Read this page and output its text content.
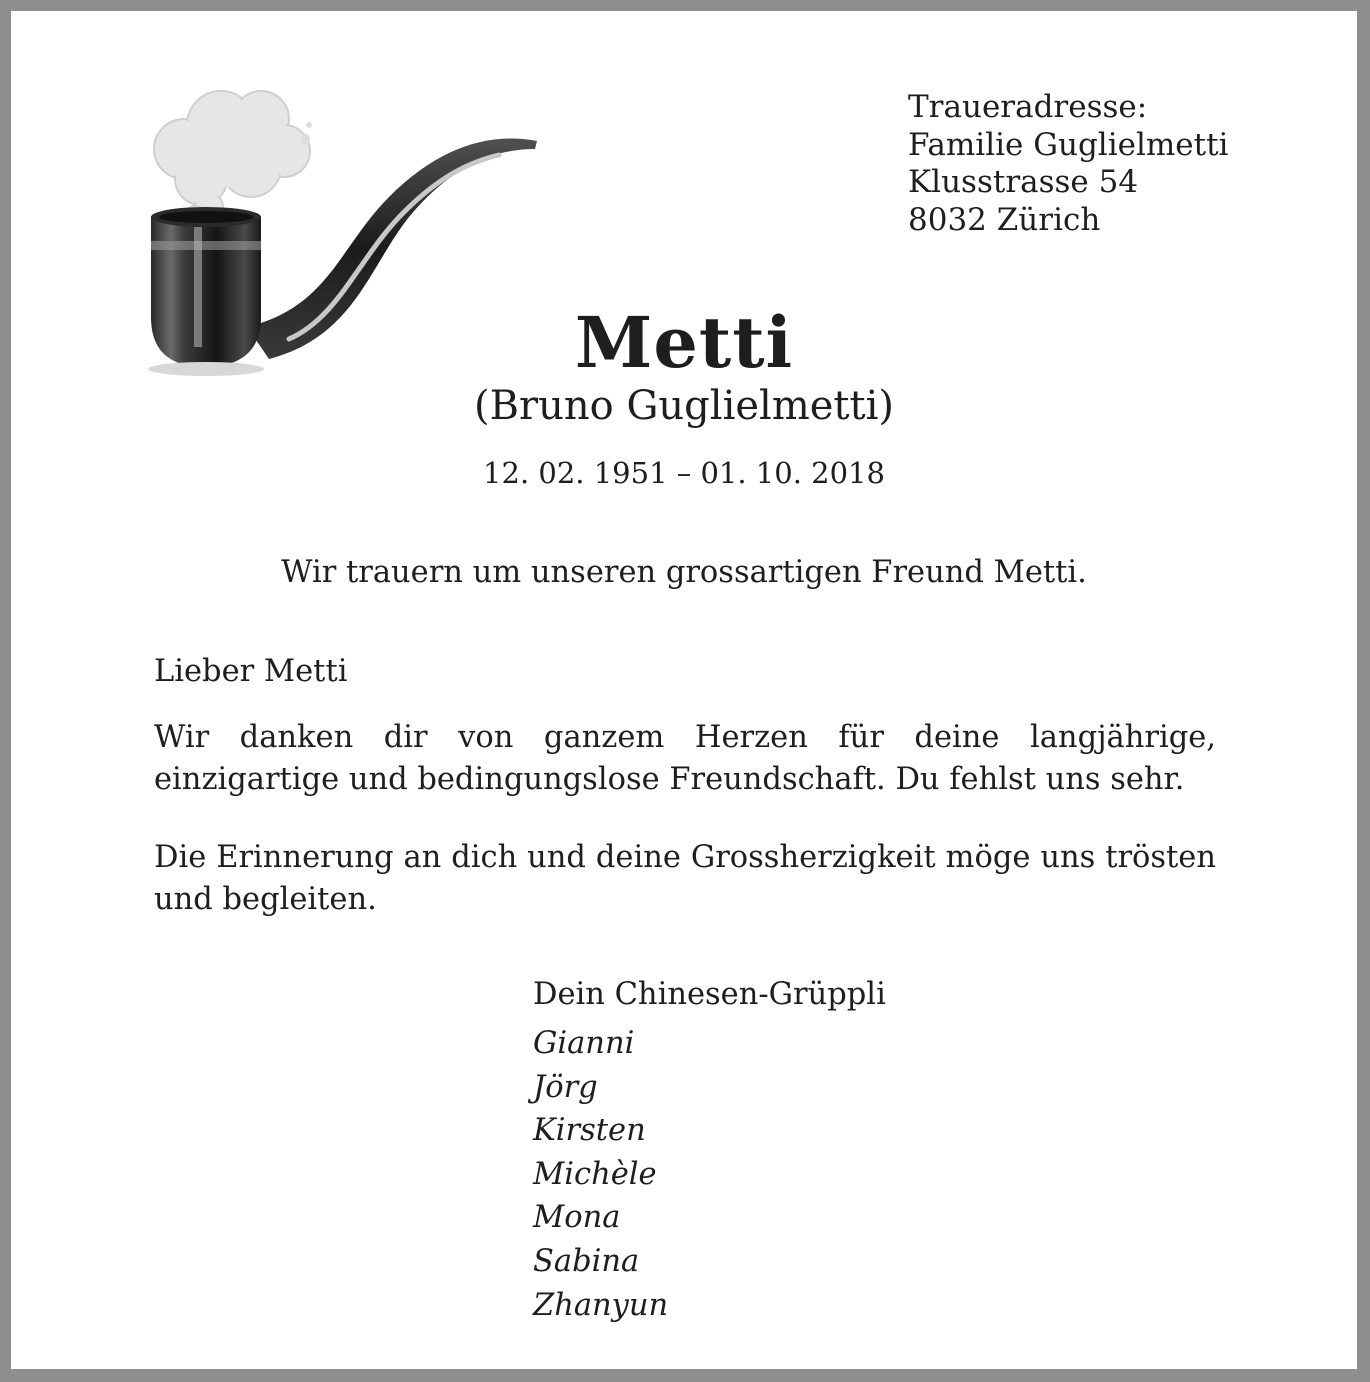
Traueradresse:
Familie Guglielmetti
Klusstrasse 54
8032 Zürich
Metti
(Bruno Guglielmetti)
12. 02. 1951 – 01. 10. 2018
Wir trauern um unseren grossartigen Freund Metti.
Lieber Metti
Wir danken dir von ganzem Herzen für deine langjährige, einzigartige und bedingungslose Freundschaft. Du fehlst uns sehr.
Die Erinnerung an dich und deine Grossherzigkeit möge uns trösten und begleiten.
Dein Chinesen-Grüppli
Gianni
Jörg
Kirsten
Michèle
Mona
Sabina
Zhanyun
